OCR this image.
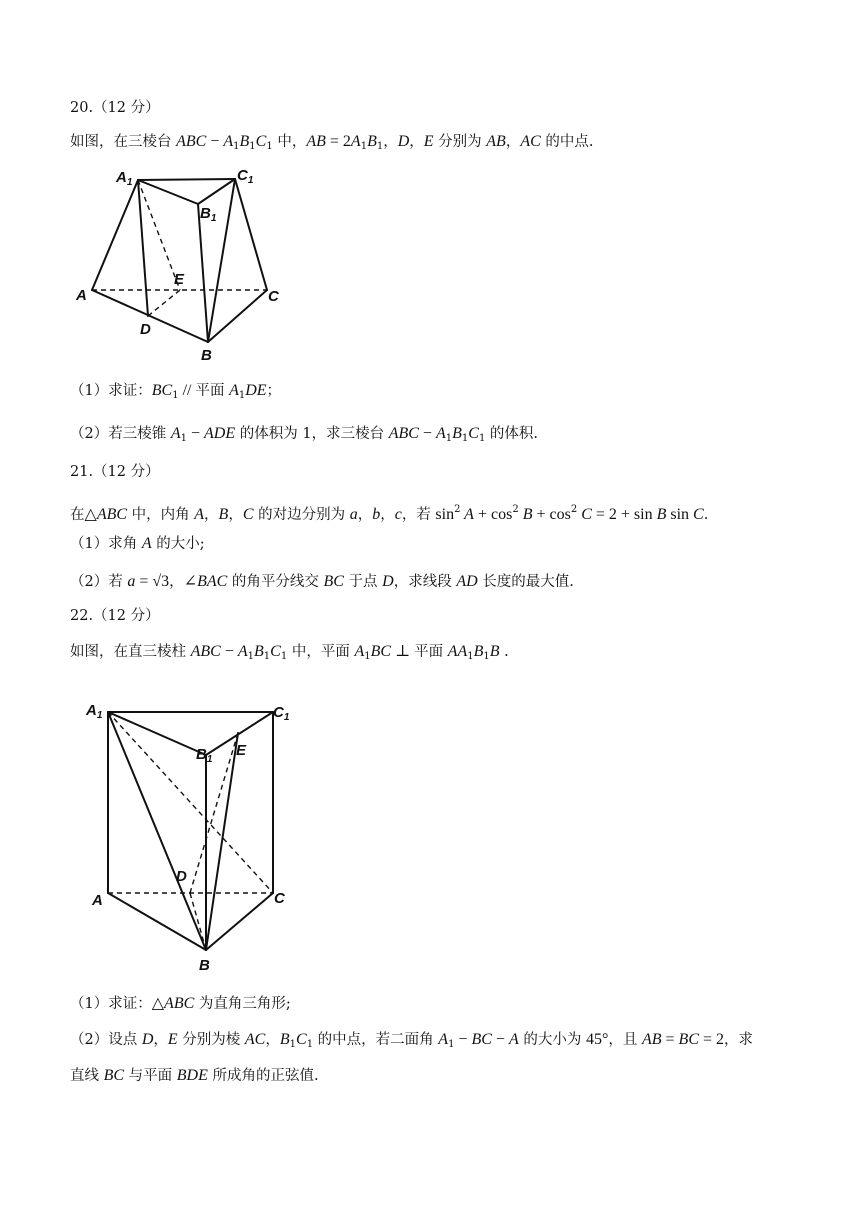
20.（12 分）
如图，在三棱台 ABC − $A_1B_1C_1$ 中，AB = $2A_1B_1$，D，E 分别为 AB，AC 的中点.
$A_1$	$C_1$
$B_1$
E
A	C
D
B
（1）求证：$BC_1$ // 平面 $A_1DE$；
（2）若三棱锥 $A_1$ − ADE 的体积为 1，求三棱台 ABC − $A_1B_1C_1$ 的体积.
21.（12 分）
在△ABC 中，内角 A，B，C 的对边分别为 a，b，c，若 $\sin^2 A + \cos^2 B + \cos^2 C = 2 + \sin B$ sin C.
（1）求角 A 的大小;
（2）若 a = √3，∠BAC 的角平分线交 BC 于点 D，求线段 AD 长度的最大值.
22.（12 分）
如图，在直三棱柱 ABC − $A_1B_1C_1$ 中，平面 $A_1BC$ ⊥ 平面 $AA_1B_1B$ .
$A_1$	$C_1$
$B_1$
E
D
A	C
B
（1）求证：△ABC 为直角三角形;
（2）设点 D，E 分别为棱 AC，$B_1C_1$ 的中点，若二面角 $A_1$ − BC − A 的大小为 45°，且 AB = BC = 2，求
直线 BC 与平面 BDE 所成角的正弦值.
